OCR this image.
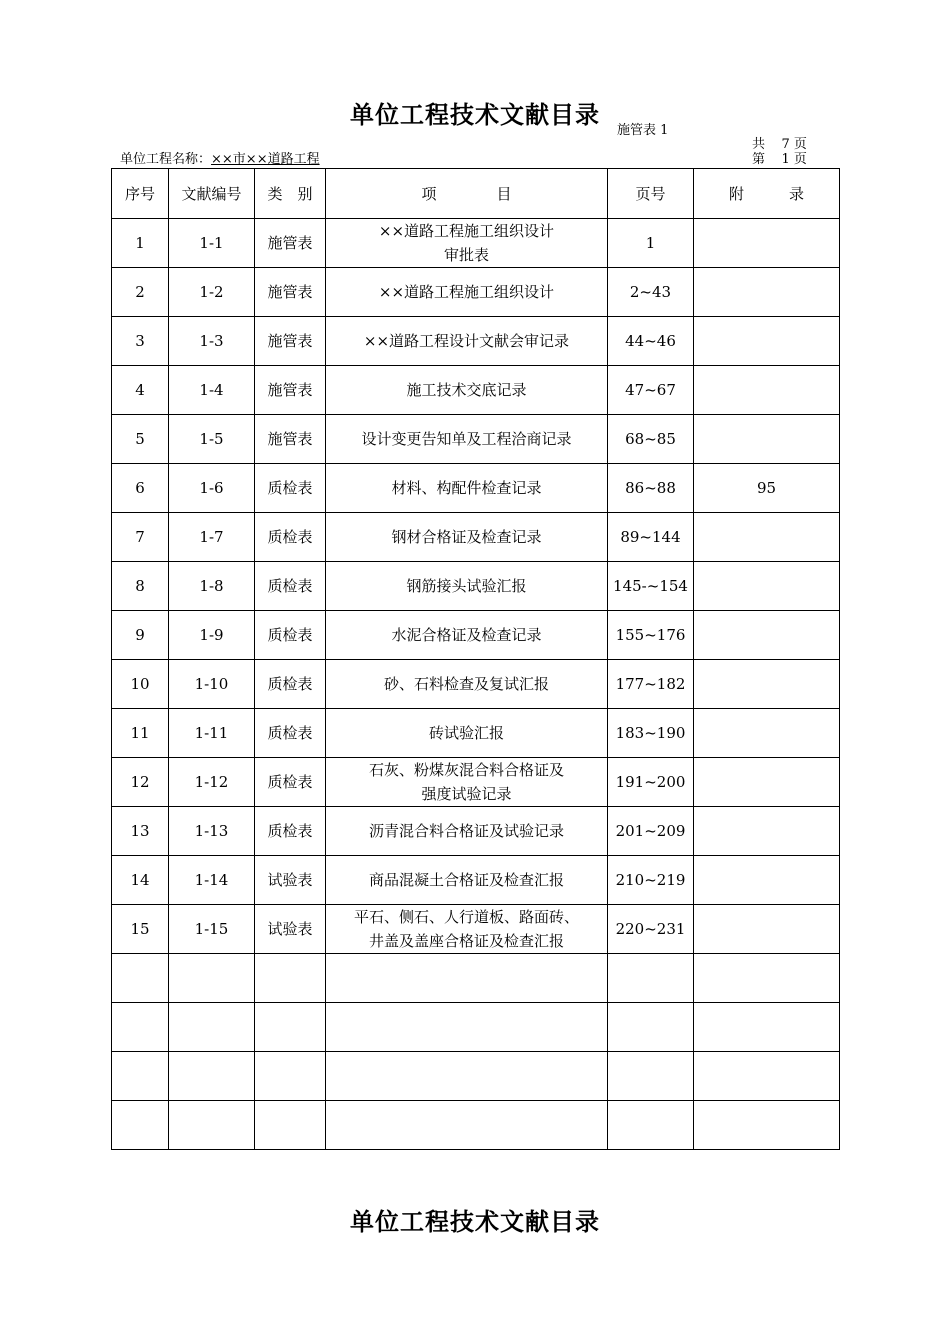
单位工程技术文献目录
施管表 1
共    7 页
第    1 页
单位工程名称：××市××道路工程
序号	文献编号	类　别	项　　　　目	页号	附　　　录
1	1-1	施管表	××道路工程施工组织设计
审批表	1	
2	1-2	施管表	××道路工程施工组织设计	2~43	
3	1-3	施管表	××道路工程设计文献会审记录	44~46	
4	1-4	施管表	施工技术交底记录	47~67	
5	1-5	施管表	设计变更告知单及工程洽商记录	68~85	
6	1-6	质检表	材料、构配件检查记录	86~88	95
7	1-7	质检表	钢材合格证及检查记录	89~144	
8	1-8	质检表	钢筋接头试验汇报	145-~154	
9	1-9	质检表	水泥合格证及检查记录	155~176	
10	1-10	质检表	砂、石料检查及复试汇报	177~182	
11	1-11	质检表	砖试验汇报	183~190	
12	1-12	质检表	石灰、粉煤灰混合料合格证及
强度试验记录	191~200	
13	1-13	质检表	沥青混合料合格证及试验记录	201~209	
14	1-14	试验表	商品混凝土合格证及检查汇报	210~219	
15	1-15	试验表	平石、侧石、人行道板、路面砖、
井盖及盖座合格证及检查汇报	220~231	

单位工程技术文献目录
